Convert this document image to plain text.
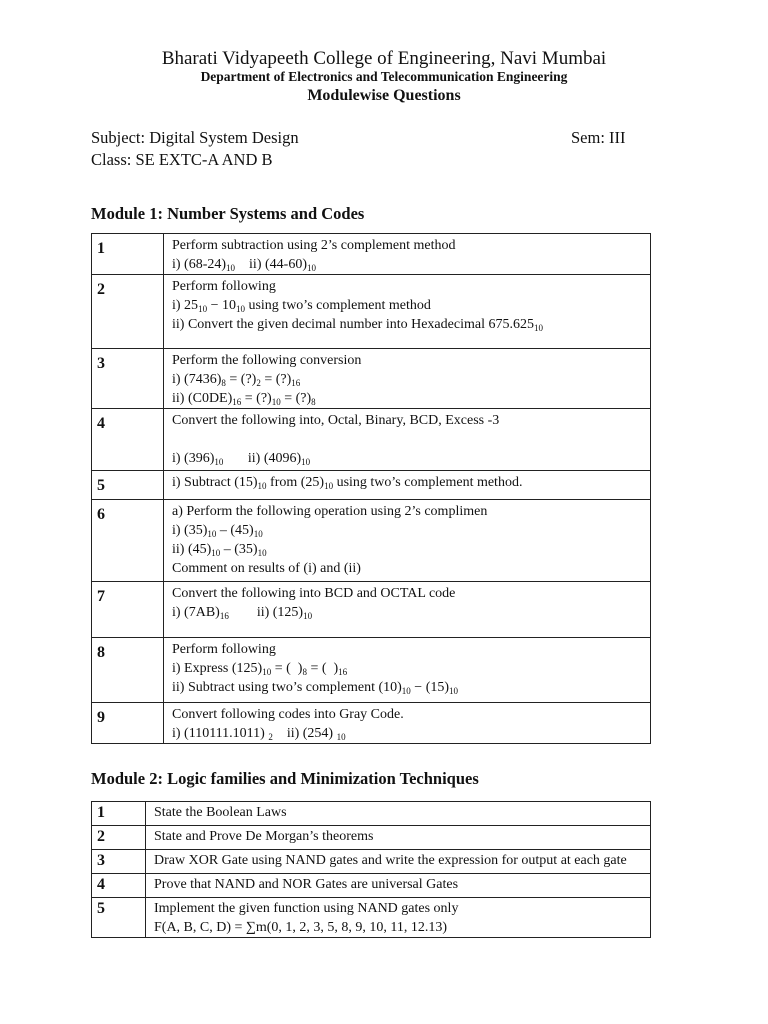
Bharati Vidyapeeth College of Engineering, Navi Mumbai
Department of Electronics and Telecommunication Engineering
Modulewise Questions
Subject: Digital System Design	Sem: III
Class: SE EXTC-A AND B
Module 1: Number Systems and Codes
1	Perform subtraction using 2’s complement method
i) $(68-24)_{10}$    ii) $(44-60)_{10}$

2	Perform following
i) $25_{10} - 10_{10}$ using two’s complement method
ii) Convert the given decimal number into Hexadecimal $675.625_{10}$

3	Perform the following conversion
i) $(7436)_8$ = $(?)_2$ = $(?)_{16}$
ii) $(C0DE)_{16}$ = $(?)_{10}$ = $(?)_8$

4	Convert the following into, Octal, Binary, BCD, Excess -3

i) $(396)_{10}$       ii) $(4096)_{10}$

5	i) Subtract $(15)_{10}$ from $(25)_{10}$ using two’s complement method.

6	a) Perform the following operation using 2’s complimen
i) $(35)_{10} - (45)_{10}$
ii) $(45)_{10} - (35)_{10}$
Comment on results of (i) and (ii)

7	Convert the following into BCD and OCTAL code
i) $(7AB)_{16}$        ii) $(125)_{10}$

8	Perform following
i) Express $(125)_{10}$ = (  )$_8$ = (  )$_{16}$
ii) Subtract using two’s complement $(10)_{10} - (15)_{10}$

9	Convert following codes into Gray Code.
i) (110111.1011) $_2$    ii) (254) $_{10}$
Module 2: Logic families and Minimization Techniques
1	State the Boolean Laws

2	State and Prove De Morgan’s theorems

3	Draw XOR Gate using NAND gates and write the expression for output at each gate

4	Prove that NAND and NOR Gates are universal Gates

5	Implement the given function using NAND gates only
F(A, B, C, D) = ∑m(0, 1, 2, 3, 5, 8, 9, 10, 11, 12.13)
